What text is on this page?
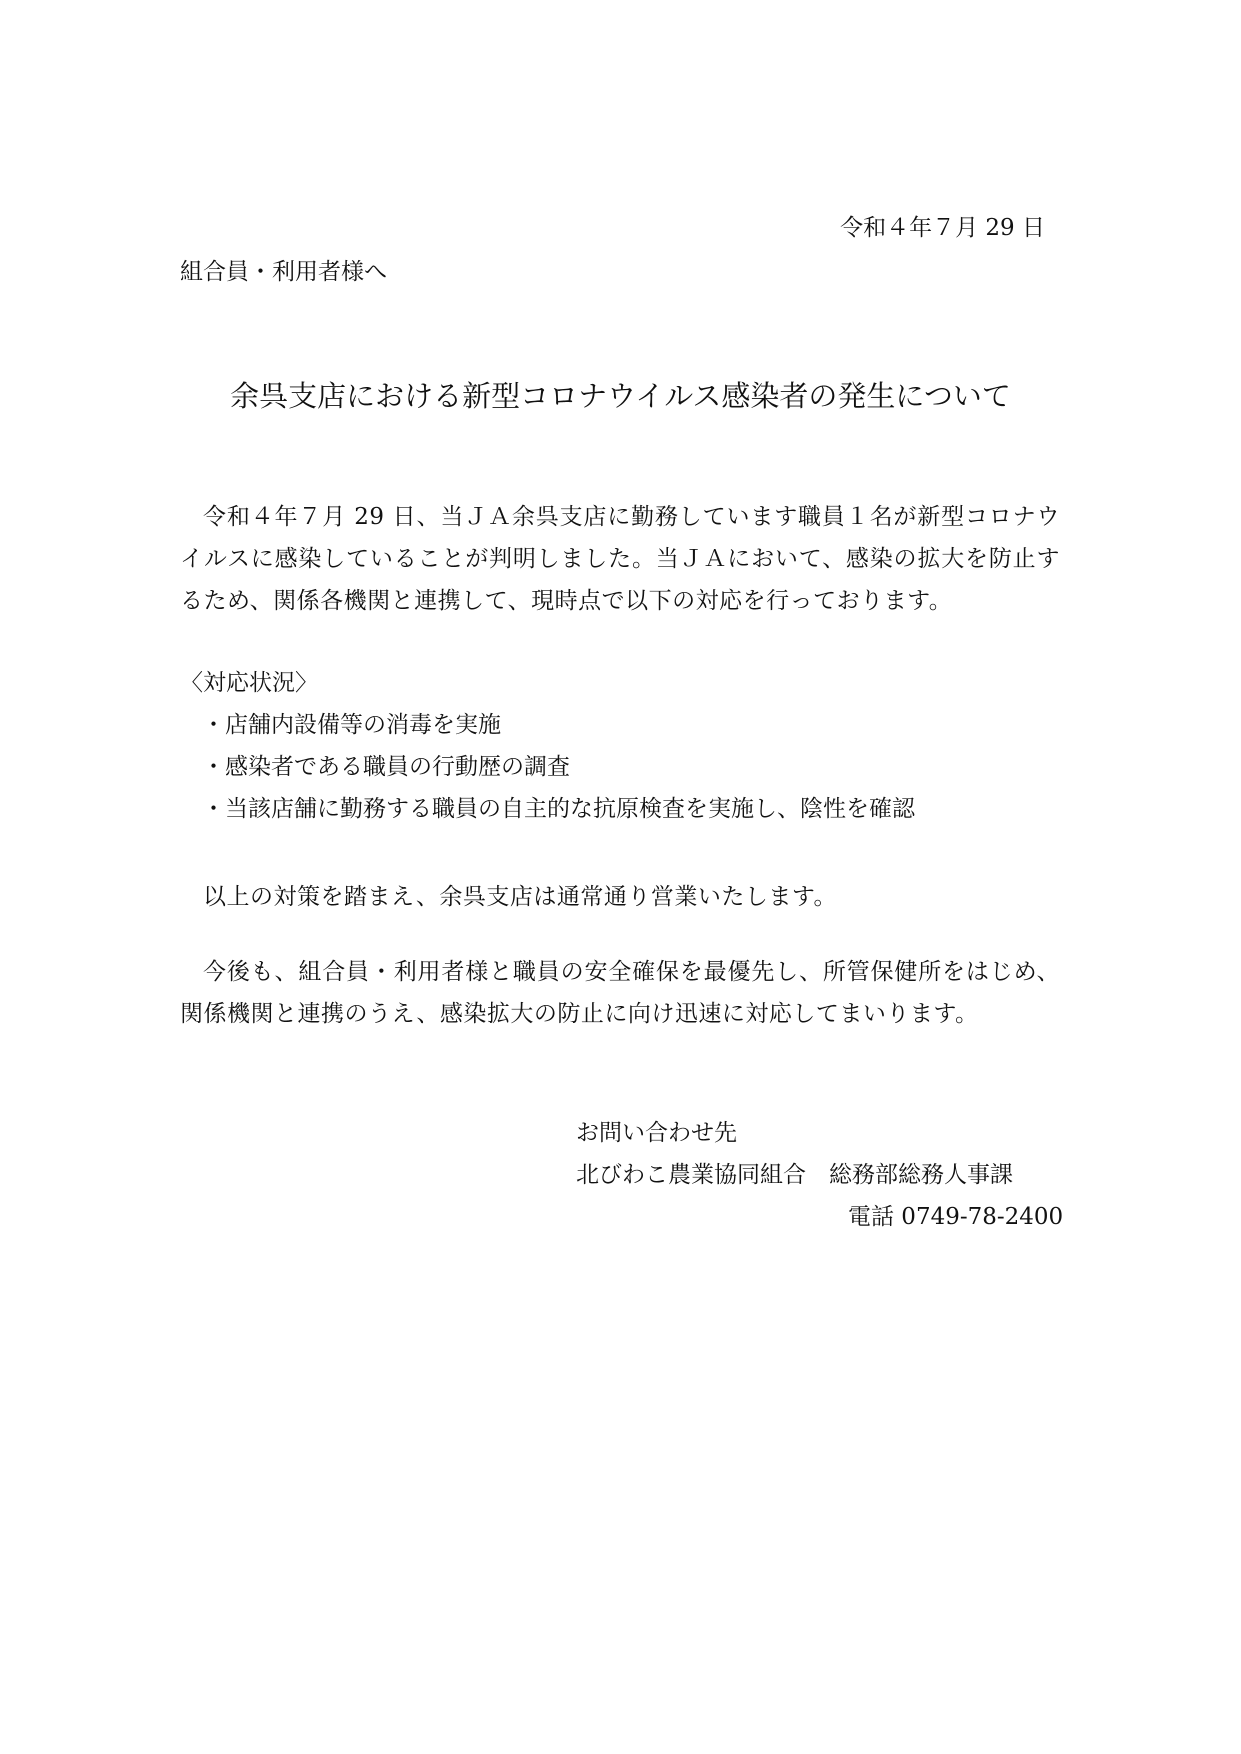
令和４年７月 29 日
組合員・利用者様へ
余呉支店における新型コロナウイルス感染者の発生について

令和４年７月 29 日、当ＪＡ余呉支店に勤務しています職員１名が新型コロナウイルスに感染していることが判明しました。当ＪＡにおいて、感染の拡大を防止するため、関係各機関と連携して、現時点で以下の対応を行っております。

〈対応状況〉

・店舗内設備等の消毒を実施
・感染者である職員の行動歴の調査
・当該店舗に勤務する職員の自主的な抗原検査を実施し、陰性を確認

以上の対策を踏まえ、余呉支店は通常通り営業いたします。

今後も、組合員・利用者様と職員の安全確保を最優先し、所管保健所をはじめ、関係機関と連携のうえ、感染拡大の防止に向け迅速に対応してまいります。

お問い合わせ先
北びわこ農業協同組合　総務部総務人事課
電話 0749-78-2400
